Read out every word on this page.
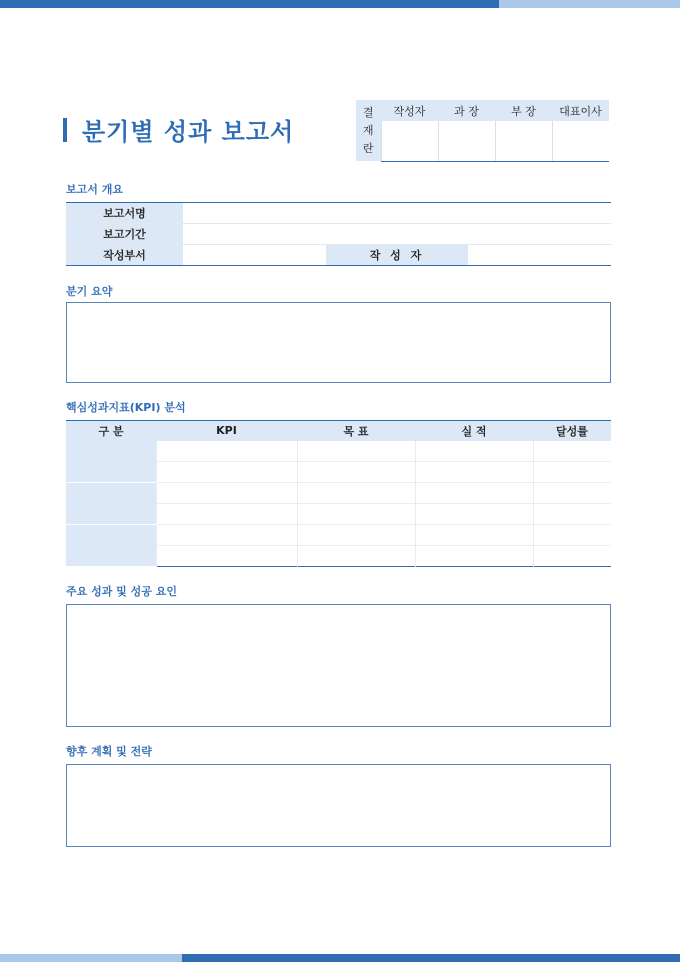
분기별 성과 보고서
결
재
란	작성자	과 장	부 장	대표이사

보고서 개요
보고서명			
보고기간			
작성부서		작 성 자	
분기 요약
핵심성과지표(KPI) 분석
구 분	KPI	목 표	실 적	달성률

주요 성과 및 성공 요인
향후 계획 및 전략
